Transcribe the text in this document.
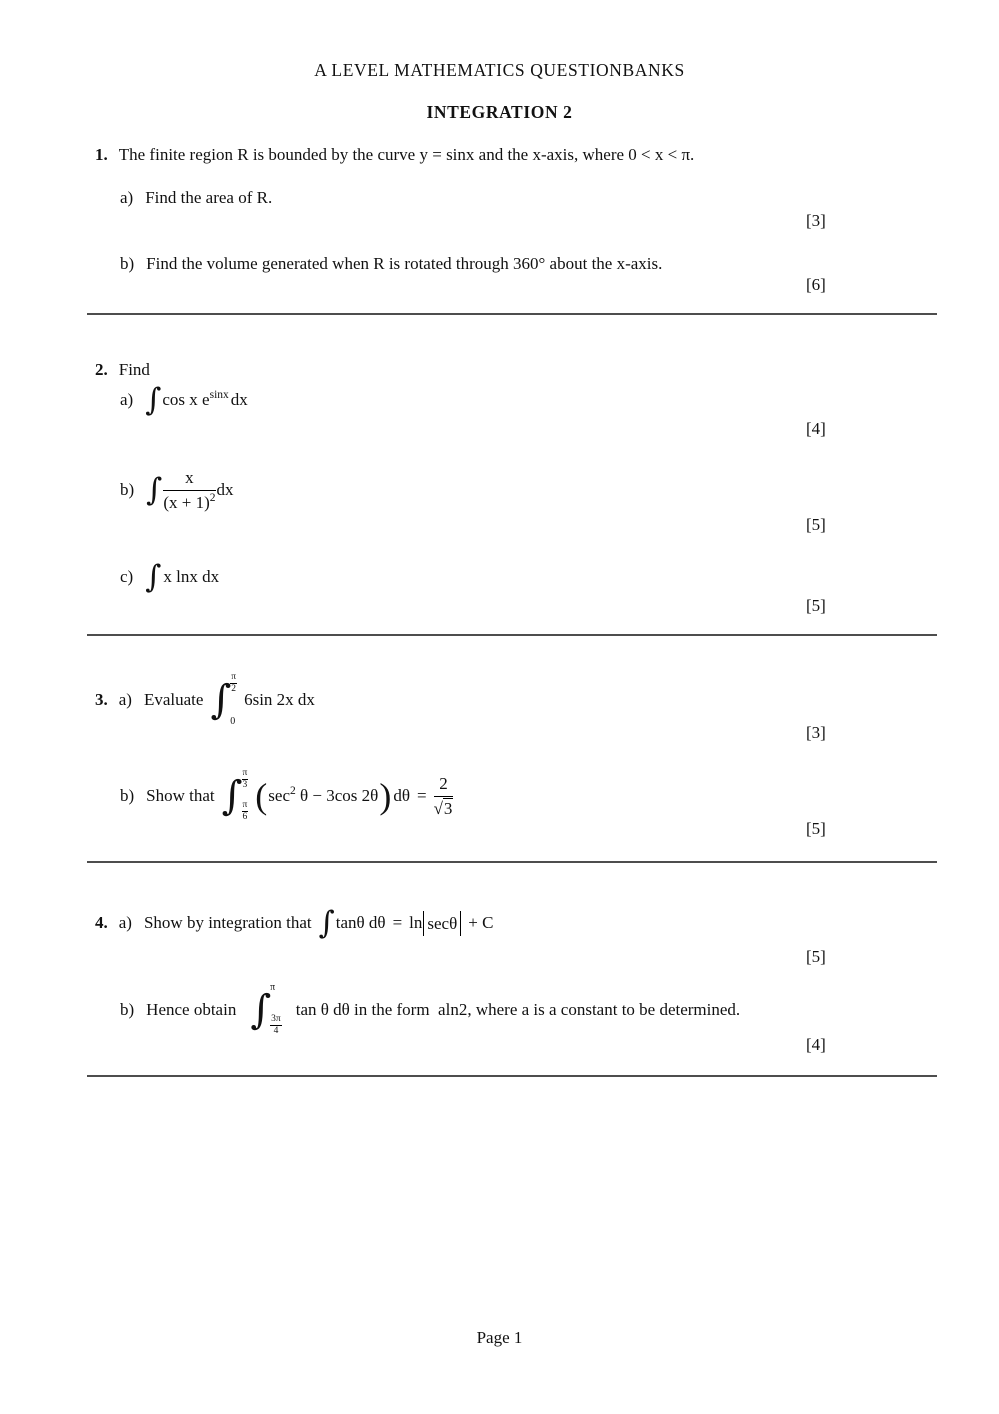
A LEVEL MATHEMATICS QUESTIONBANKS
INTEGRATION 2
1. The finite region R is bounded by the curve y = sinx and the x-axis, where 0 < x < π.
a) Find the area of R.
[3]
b) Find the volume generated when R is rotated through 360° about the x-axis.
[6]
2. Find
a) ∫ cos x $e^{sinx}$ dx
[4]
b) ∫ $\frac{x}{(x + 1)^2}$ dx
[5]
c) ∫ x lnx dx
[5]
3. a) Evaluate ∫ $\frac{\pi}{2}$
0
6sin 2x dx
[3]
b) Show that ∫ $\frac{\pi}{3}$
$\frac{\pi}{6}$ ( $\sec^2 \theta - 3\cos$ 2θ ) $d\theta = \frac{2}{√3}$
[5]
4. a) Show by integration that ∫ tanθ dθ = ln secθ + C
[5]
b) Hence obtain ∫ π
$\frac{3\pi}{4}$
tan θ dθ in the form  aln2, where a is a constant to be determined.
[4]
Page 1
